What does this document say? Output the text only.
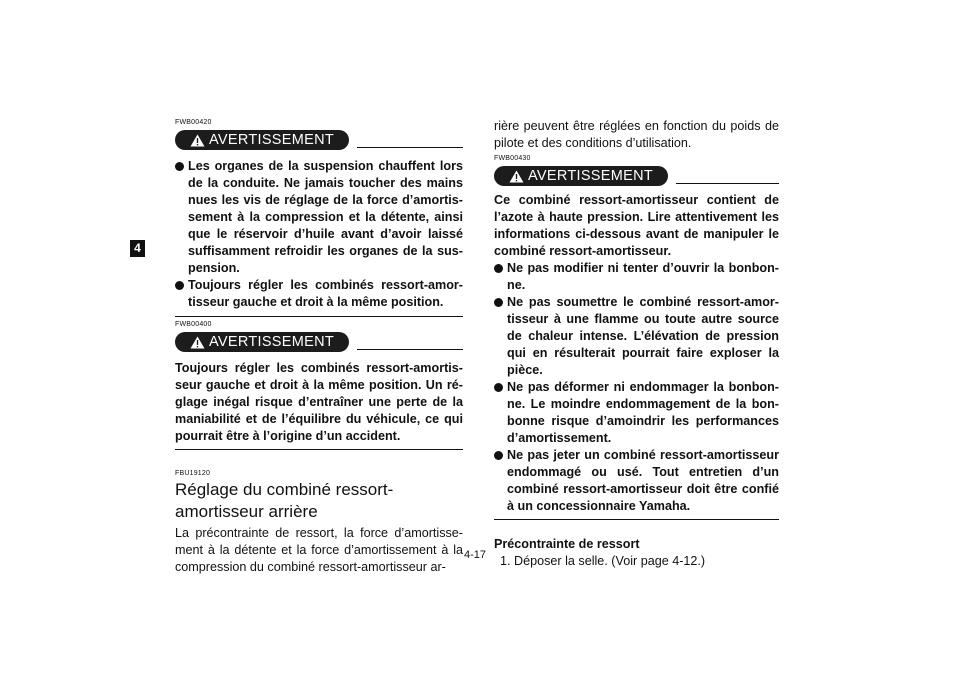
4

FWB00420

AVERTISSEMENT
Les organes de la suspension chauffent lors de la conduite. Ne jamais toucher des mains nues les vis de réglage de la force d’amortis-sement à la compression et la détente, ainsi que le réservoir d’huile avant d’avoir laissé suffisamment refroidir les organes de la sus-pension.
Toujours régler les combinés ressort-amor-tisseur gauche et droit à la même position.

FWB00400

AVERTISSEMENT

Toujours régler les combinés ressort-amortis-seur gauche et droit à la même position. Un ré-glage inégal risque d’entraîner une perte de la maniabilité et de l’équilibre du véhicule, ce qui pourrait être à l’origine d’un accident.

FBU19120

Réglage du combiné ressort-
amortisseur arrière

La précontrainte de ressort, la force d’amortisse-ment à la détente et la force d’amortissement à la compression du combiné ressort-amortisseur ar-

rière peuvent être réglées en fonction du poids de pilote et des conditions d’utilisation.

FWB00430

AVERTISSEMENT

Ce combiné ressort-amortisseur contient de l’azote à haute pression. Lire attentivement les informations ci-dessous avant de manipuler le combiné ressort-amortisseur.

Ne pas modifier ni tenter d’ouvrir la bonbon-ne.
Ne pas soumettre le combiné ressort-amor-tisseur à une flamme ou toute autre source de chaleur intense. L’élévation de pression qui en résulterait pourrait faire exploser la pièce.
Ne pas déformer ni endommager la bonbon-ne. Le moindre endommagement de la bon-bonne risque d’amoindrir les performances d’amortissement.
Ne pas jeter un combiné ressort-amortisseur endommagé ou usé. Tout entretien d’un combiné ressort-amortisseur doit être confié à un concessionnaire Yamaha.

Précontrainte de ressort

1. Déposer la selle. (Voir page 4-12.)

4-17
